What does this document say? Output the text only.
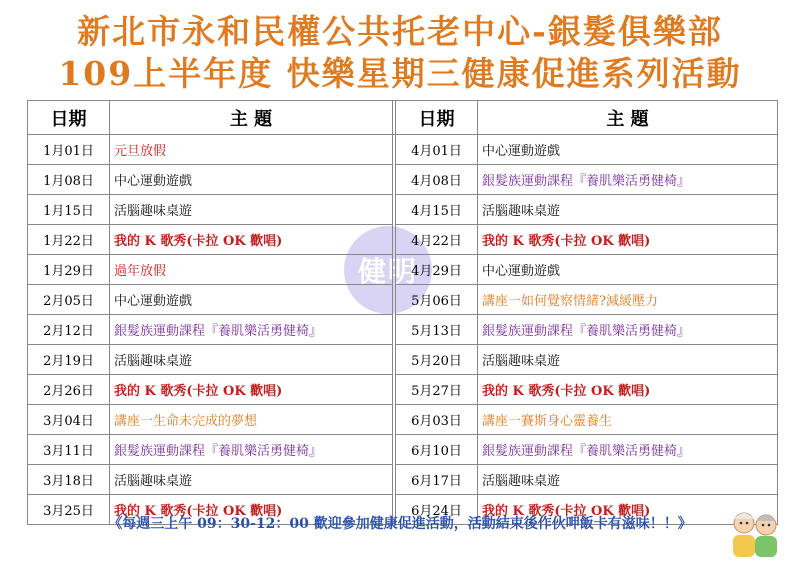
新北市永和民權公共托老中心-銀髮俱樂部
109上半年度 快樂星期三健康促進系列活動
健明
日期	主 題		日期	主 題
1月01日	元旦放假		4月01日	中心運動遊戲
1月08日	中心運動遊戲		4月08日	銀髮族運動課程『養肌樂活勇健椅』
1月15日	活腦趣味桌遊		4月15日	活腦趣味桌遊
1月22日	我的 K 歌秀(卡拉 OK 歡唱)		4月22日	我的 K 歌秀(卡拉 OK 歡唱)
1月29日	過年放假		4月29日	中心運動遊戲
2月05日	中心運動遊戲		5月06日	講座一如何覺察情緒?減緩壓力
2月12日	銀髮族運動課程『養肌樂活勇健椅』		5月13日	銀髮族運動課程『養肌樂活勇健椅』
2月19日	活腦趣味桌遊		5月20日	活腦趣味桌遊
2月26日	我的 K 歌秀(卡拉 OK 歡唱)		5月27日	我的 K 歌秀(卡拉 OK 歡唱)
3月04日	講座一生命未完成的夢想		6月03日	講座一賽斯身心靈養生
3月11日	銀髮族運動課程『養肌樂活勇健椅』		6月10日	銀髮族運動課程『養肌樂活勇健椅』
3月18日	活腦趣味桌遊		6月17日	活腦趣味桌遊
3月25日	我的 K 歌秀(卡拉 OK 歡唱)		6月24日	我的 K 歌秀(卡拉 OK 歡唱)
《每週三上午 09：30-12：00 歡迎參加健康促進活動，活動結束後作伙呷飯卡有滋味！！》
